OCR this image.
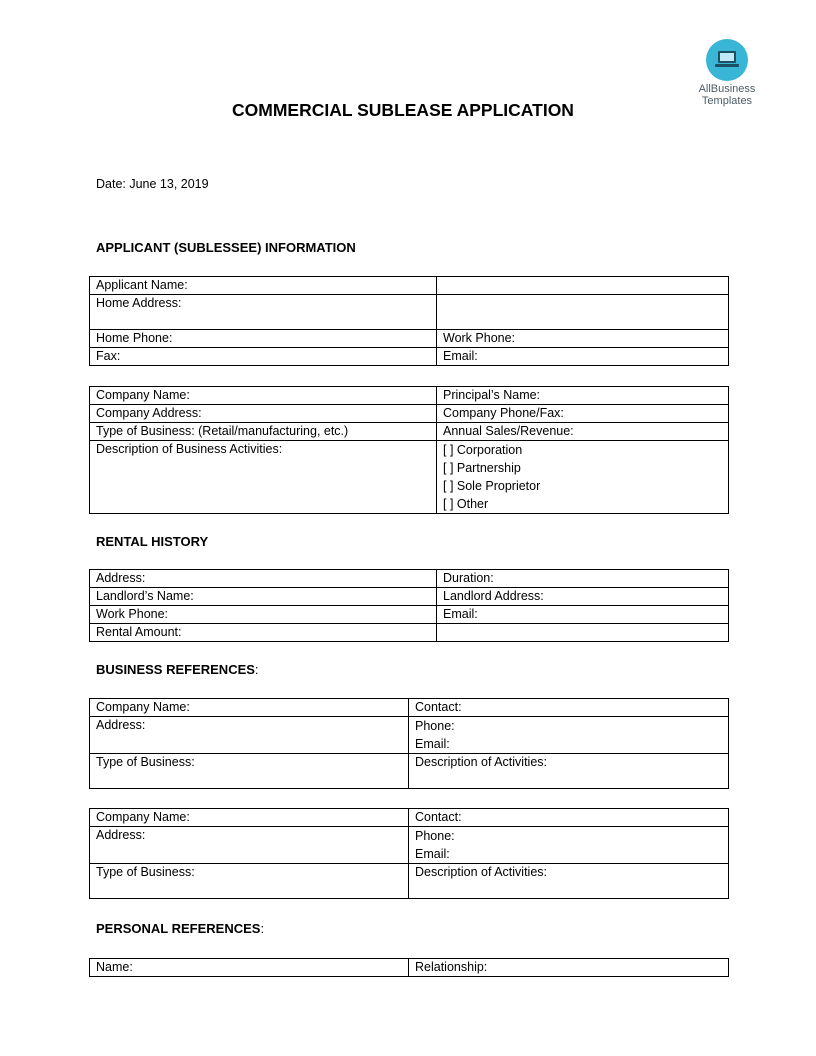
AllBusiness
Templates
COMMERCIAL SUBLEASE APPLICATION
Date: June 13, 2019
APPLICANT (SUBLESSEE) INFORMATION
Applicant Name:	
Home Address:	
Home Phone:	Work Phone:
Fax:	Email:
Company Name:	Principal’s Name:
Company Address:	Company Phone/Fax:
Type of Business: (Retail/manufacturing, etc.)	Annual Sales/Revenue:
Description of Business Activities:	[ ] Corporation
[ ] Partnership
[ ] Sole Proprietor
[ ] Other
RENTAL HISTORY
Address:	Duration:
Landlord’s Name:	Landlord Address:
Work Phone:	Email:
Rental Amount:	
BUSINESS REFERENCES:
Company Name:	Contact:
Address:	Phone:
Email:

Type of Business:	Description of Activities:
Company Name:	Contact:
Address:	Phone:
Email:

Type of Business:	Description of Activities:
PERSONAL REFERENCES:
Name:	Relationship:
